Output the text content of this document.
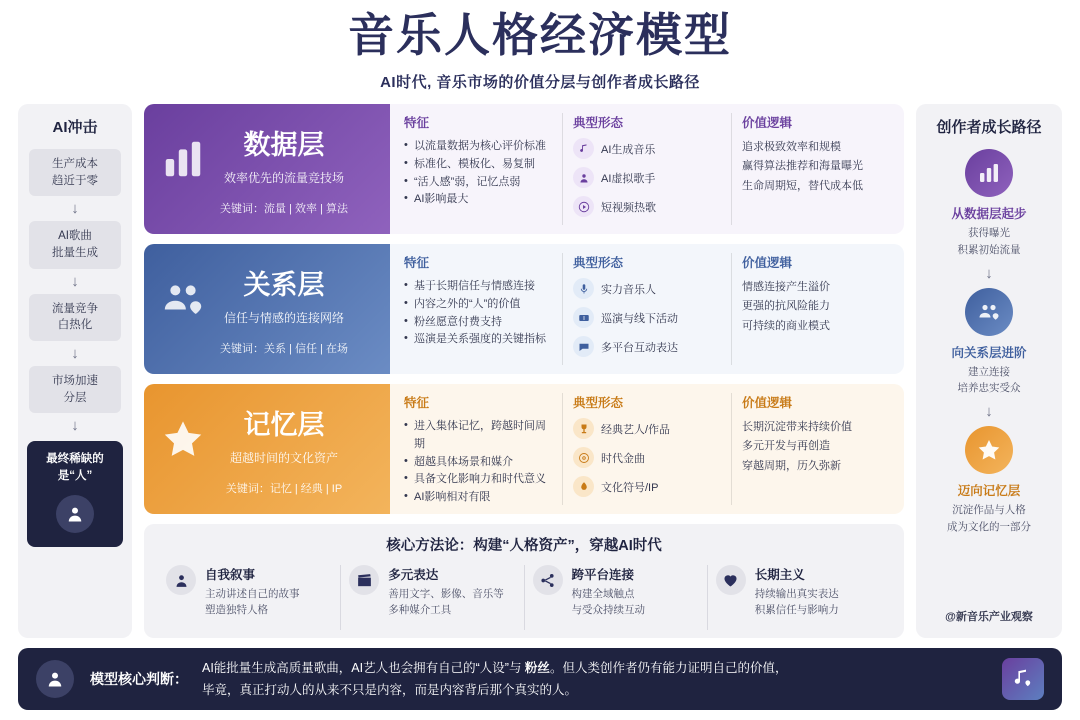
音乐人格经济模型
AI时代, 音乐市场的价值分层与创作者成长路径
AI冲击
生产成本
趋近于零
↓
AI歌曲
批量生成
↓
流量竞争
白热化
↓
市场加速
分层
↓
最终稀缺的
是“人”
数据层
效率优先的流量竞技场
关键词：流量 | 效率 | 算法
特征
• 以流量数据为核心评价标准
• 标准化、模板化、易复制
• “活人感”弱，记忆点弱
• AI影响最大
典型形态
AI生成音乐
AI虚拟歌手
短视频热歌
价值逻辑

追求极致效率和规模

赢得算法推荐和海量曝光

生命周期短，替代成本低

关系层
信任与情感的连接网络
关键词：关系 | 信任 | 在场
特征
• 基于长期信任与情感连接
• 内容之外的“人”的价值
• 粉丝愿意付费支持
• 巡演是关系强度的关键指标
典型形态
实力音乐人
巡演与线下活动
多平台互动表达
价值逻辑

情感连接产生溢价

更强的抗风险能力

可持续的商业模式

记忆层
超越时间的文化资产
关键词：记忆 | 经典 | IP
特征
• 进入集体记忆，跨越时间周期
• 超越具体场景和媒介
• 具备文化影响力和时代意义
• AI影响相对有限
典型形态
经典艺人/作品
时代金曲
文化符号/IP
价值逻辑

长期沉淀带来持续价值

多元开发与再创造

穿越周期，历久弥新

核心方法论：构建“人格资产”，穿越AI时代
自我叙事
主动讲述自己的故事
塑造独特人格
多元表达
善用文字、影像、音乐等
多种媒介工具
跨平台连接
构建全域触点
与受众持续互动
长期主义
持续输出真实表达
积累信任与影响力
创作者成长路径
从数据层起步
获得曝光
积累初始流量
↓
向关系层进阶
建立连接
培养忠实受众
↓
迈向记忆层
沉淀作品与人格
成为文化的一部分
@新音乐产业观察
模型核心判断：
AI能批量生成高质量歌曲，AI艺人也会拥有自己的“人设”与 粉丝。但人类创作者仍有能力证明自己的价值，
毕竟，真正打动人的从来不只是内容，而是内容背后那个真实的人。
